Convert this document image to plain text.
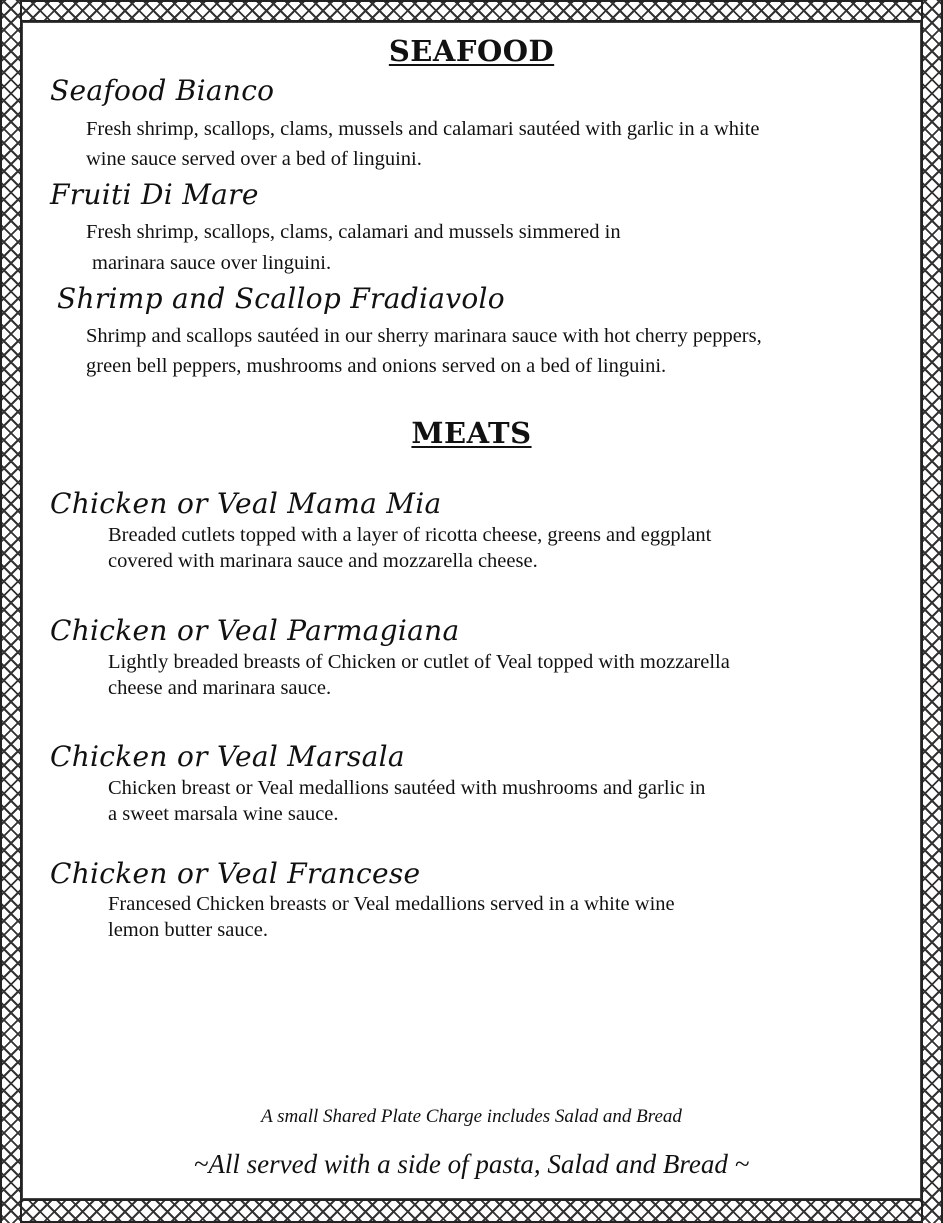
SEAFOOD
Seafood Bianco
Fresh shrimp, scallops, clams, mussels and calamari sautéed with garlic in a white
wine sauce served over a bed of linguini.
Fruiti Di Mare
Fresh shrimp, scallops, clams, calamari and mussels simmered in
marinara sauce over linguini.
Shrimp and Scallop Fradiavolo
Shrimp and scallops sautéed in our sherry marinara sauce with hot cherry peppers,
green bell peppers, mushrooms and onions served on a bed of linguini.
MEATS
Chicken or Veal Mama Mia
Breaded cutlets topped with a layer of ricotta cheese, greens and eggplant
covered with marinara sauce and mozzarella cheese.
Chicken or Veal Parmagiana
Lightly breaded breasts of Chicken or cutlet of Veal topped with mozzarella
cheese and marinara sauce.
Chicken or Veal Marsala
Chicken breast or Veal medallions sautéed with mushrooms and garlic in
a sweet marsala wine sauce.
Chicken or Veal Francese
Francesed Chicken breasts or Veal medallions served in a white wine
lemon butter sauce.
A small Shared Plate Charge includes Salad and Bread
~All served with a side of pasta, Salad and Bread ~
